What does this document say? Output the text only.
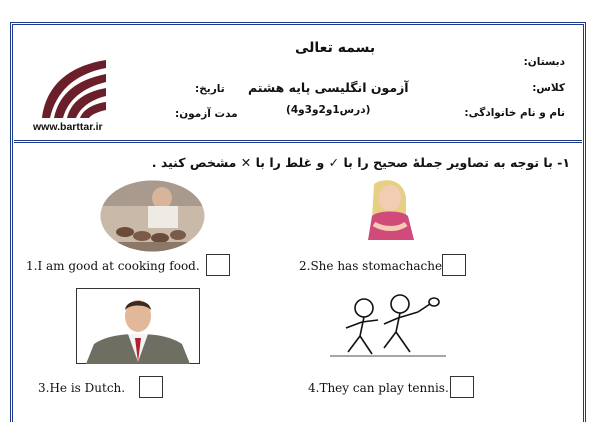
بسمه تعالی
دبستان:
کلاس:
نام و نام خانوادگی:
آزمون انگلیسی پایه هشتم
(درس1و2و3و4)
تاریخ:
مدت آزمون:
www.barttar.ir
۱- با توجه به تصاویر جملهٔ صحیح را با ✓ و غلط را با ✕ مشخص کنید .
1.I am good at cooking food.	2.She has stomachache
3.He is Dutch.	4.They can play tennis.
